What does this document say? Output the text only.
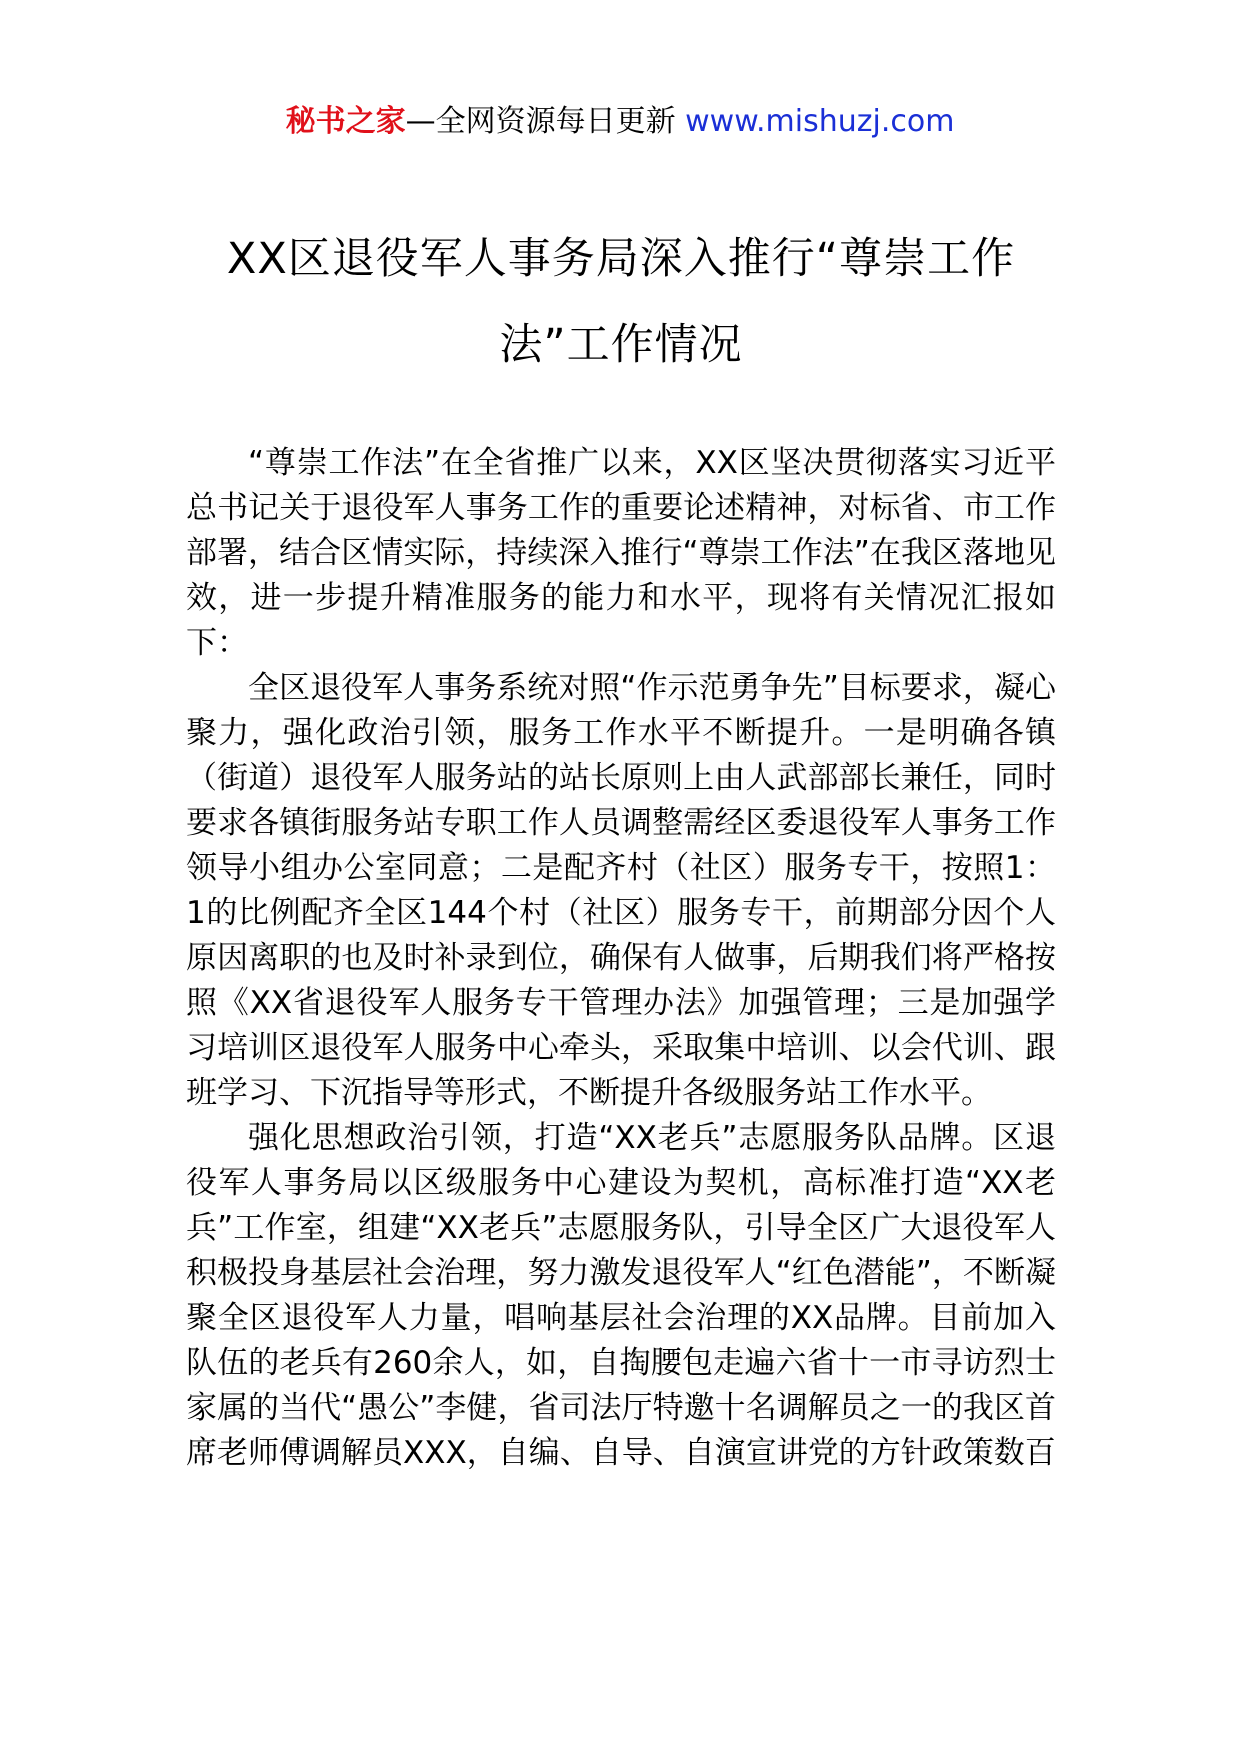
秘书之家—全网资源每日更新 www.mishuzj.com
XX区退役军人事务局深入推行“尊崇工作法”工作情况

“尊崇工作法”在全省推广以来，XX区坚决贯彻落实习近平总书记关于退役军人事务工作的重要论述精神，对标省、市工作部署，结合区情实际，持续深入推行“尊崇工作法”在我区落地见效，进一步提升精准服务的能力和水平，现将有关情况汇报如下：

全区退役军人事务系统对照“作示范勇争先”目标要求，凝心聚力，强化政治引领，服务工作水平不断提升。一是明确各镇（街道）退役军人服务站的站长原则上由人武部部长兼任，同时要求各镇街服务站专职工作人员调整需经区委退役军人事务工作领导小组办公室同意；二是配齐村（社区）服务专干，按照1：1的比例配齐全区144个村（社区）服务专干，前期部分因个人原因离职的也及时补录到位，确保有人做事，后期我们将严格按照《XX省退役军人服务专干管理办法》加强管理；三是加强学习培训区退役军人服务中心牵头，采取集中培训、以会代训、跟班学习、下沉指导等形式，不断提升各级服务站工作水平。

强化思想政治引领，打造“XX老兵”志愿服务队品牌。区退役军人事务局以区级服务中心建设为契机，高标准打造“XX老兵”工作室，组建“XX老兵”志愿服务队，引导全区广大退役军人积极投身基层社会治理，努力激发退役军人“红色潜能”，不断凝聚全区退役军人力量，唱响基层社会治理的XX品牌。目前加入队伍的老兵有260余人，如，自掏腰包走遍六省十一市寻访烈士家属的当代“愚公”李健，省司法厅特邀十名调解员之一的我区首席老师傅调解员XXX，自编、自导、自演宣讲党的方针政策数百
